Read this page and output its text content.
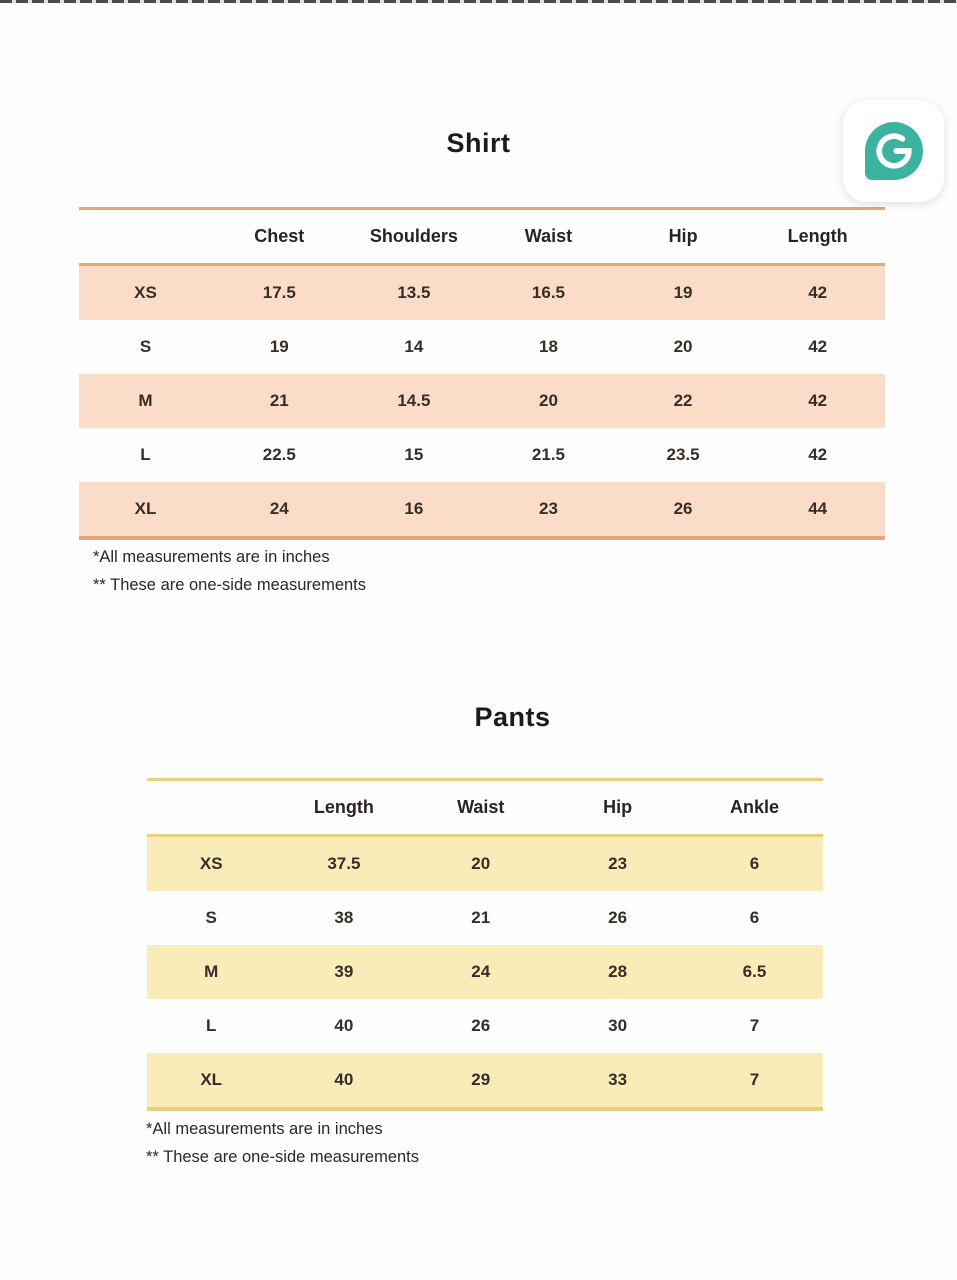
Shirt
Chest	Shoulders	Waist	Hip	Length
XS	17.5	13.5	16.5	19	42
S	19	14	18	20	42
M	21	14.5	20	22	42
L	22.5	15	21.5	23.5	42
XL	24	16	23	26	44
*All measurements are in inches
** These are one-side measurements
Pants
Length	Waist	Hip	Ankle
XS	37.5	20	23	6
S	38	21	26	6
M	39	24	28	6.5
L	40	26	30	7
XL	40	29	33	7
*All measurements are in inches
** These are one-side measurements
